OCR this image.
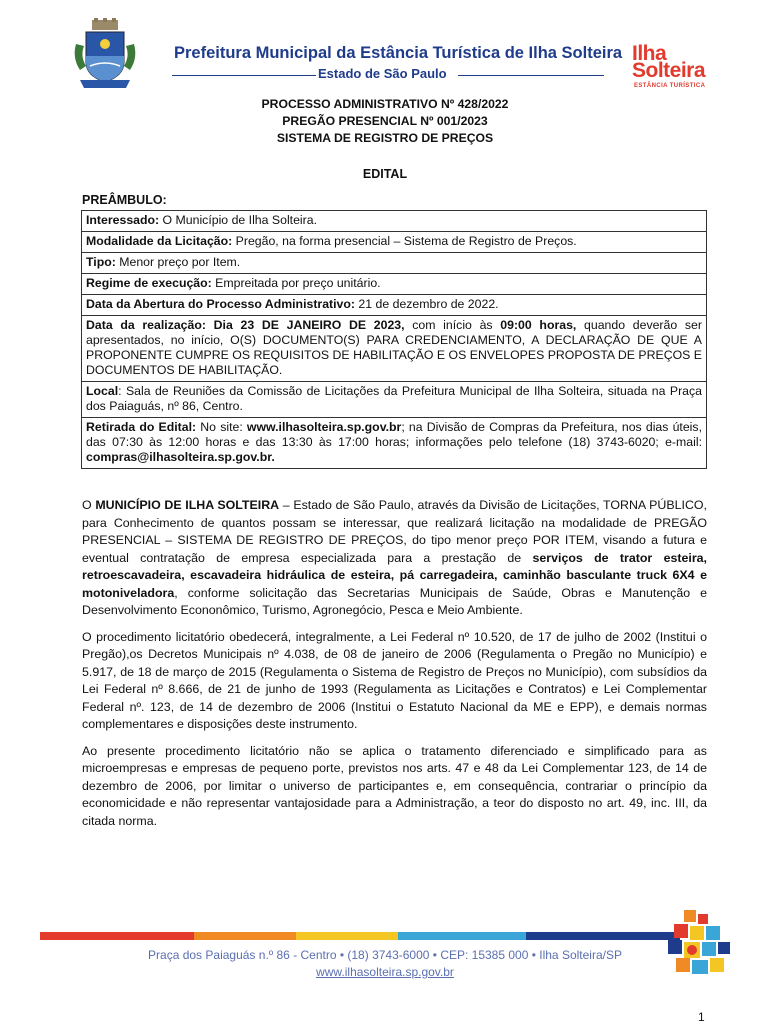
Prefeitura Municipal da Estância Turística de Ilha Solteira
Estado de São Paulo
Ilha
Solteira
ESTÂNCIA TURÍSTICA
PROCESSO ADMINISTRATIVO Nº 428/2022
PREGÃO PRESENCIAL Nº 001/2023
SISTEMA DE REGISTRO DE PREÇOS
EDITAL
PREÂMBULO:
Interessado: O Município de Ilha Solteira.
Modalidade da Licitação: Pregão, na forma presencial – Sistema de Registro de Preços.
Tipo: Menor preço por Item.
Regime de execução: Empreitada por preço unitário.
Data da Abertura do Processo Administrativo: 21 de dezembro de 2022.
Data da realização: Dia 23 DE JANEIRO DE 2023, com início às 09:00 horas, quando deverão ser apresentados, no início, O(S) DOCUMENTO(S) PARA CREDENCIAMENTO, A DECLARAÇÃO DE QUE A PROPONENTE CUMPRE OS REQUISITOS DE HABILITAÇÃO E OS ENVELOPES PROPOSTA DE PREÇOS E DOCUMENTOS DE HABILITAÇÃO.
Local: Sala de Reuniões da Comissão de Licitações da Prefeitura Municipal de Ilha Solteira, situada na Praça dos Paiaguás, nº 86, Centro.
Retirada do Edital: No site: www.ilhasolteira.sp.gov.br; na Divisão de Compras da Prefeitura, nos dias úteis, das 07:30 às 12:00 horas e das 13:30 às 17:00 horas; informações pelo telefone (18) 3743-6020; e-mail: compras@ilhasolteira.sp.gov.br.

O MUNICÍPIO DE ILHA SOLTEIRA – Estado de São Paulo, através da Divisão de Licitações, TORNA PÚBLICO, para Conhecimento de quantos possam se interessar, que realizará licitação na modalidade de PREGÃO PRESENCIAL – SISTEMA DE REGISTRO DE PREÇOS, do tipo menor preço POR ITEM, visando a futura e eventual contratação de empresa especializada para a prestação de serviços de trator esteira, retroescavadeira, escavadeira hidráulica de esteira, pá carregadeira, caminhão basculante truck 6X4 e motoniveladora, conforme solicitação das Secretarias Municipais de Saúde, Obras e Manutenção e Desenvolvimento Econonômico, Turismo, Agronegócio, Pesca e Meio Ambiente.

O procedimento licitatório obedecerá, integralmente, a Lei Federal nº 10.520, de 17 de julho de 2002 (Institui o Pregão),os Decretos Municipais nº 4.038, de 08 de janeiro de 2006 (Regulamenta o Pregão no Município) e 5.917, de 18 de março de 2015 (Regulamenta o Sistema de Registro de Preços no Município), com subsídios da Lei Federal nº 8.666, de 21 de junho de 1993 (Regulamenta as Licitações e Contratos) e Lei Complementar Federal nº. 123, de 14 de dezembro de 2006 (Institui o Estatuto Nacional da ME e EPP), e demais normas complementares e disposições deste instrumento.

Ao presente procedimento licitatório não se aplica o tratamento diferenciado e simplificado para as microempresas e empresas de pequeno porte, previstos nos arts. 47 e 48 da Lei Complementar 123, de 14 de dezembro de 2006, por limitar o universo de participantes e, em consequência, contrariar o princípio da economicidade e não representar vantajosidade para a Administração, a teor do disposto no art. 49, inc. III, da citada norma.

Praça dos Paiaguás n.º 86 - Centro • (18) 3743-6000 • CEP: 15385 000 • Ilha Solteira/SP
www.ilhasolteira.sp.gov.br
1
